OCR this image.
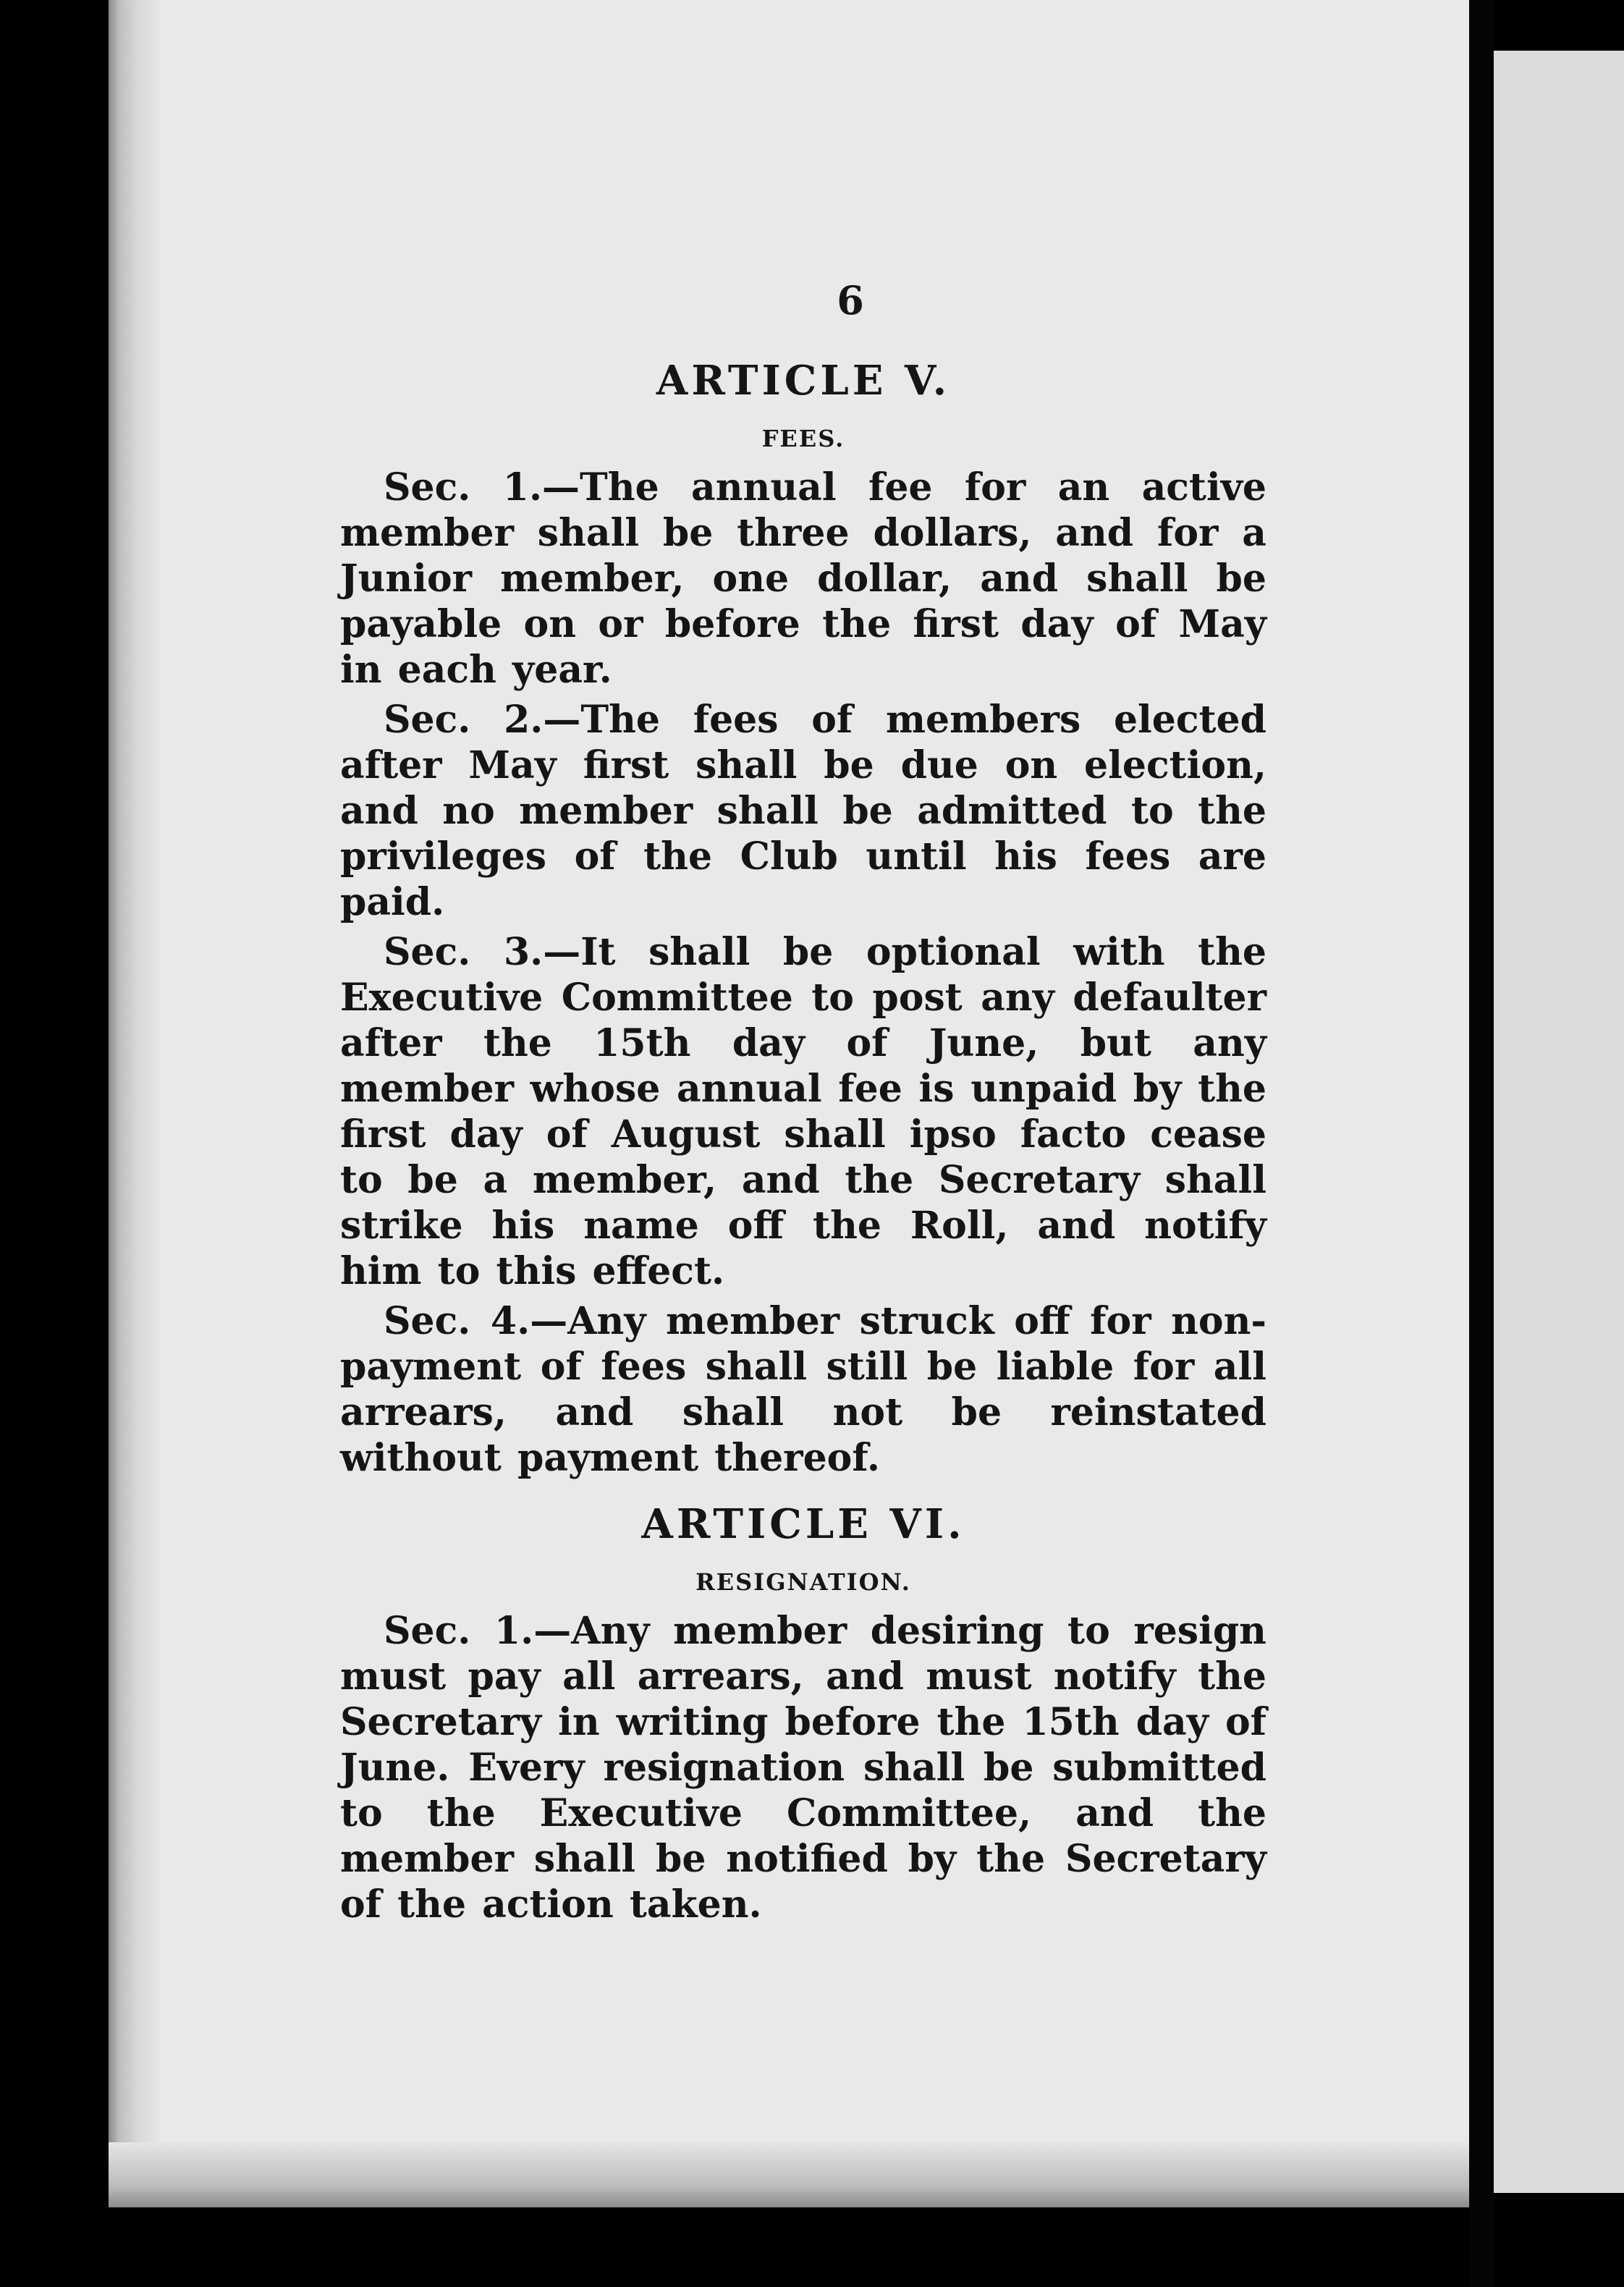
6
ARTICLE V.
FEES.

Sec. 1.—The annual fee for an active member shall be three dollars, and for a Junior member, one dollar, and shall be payable on or before the first day of May in each year.

Sec. 2.—The fees of members elected after May first shall be due on election, and no member shall be admitted to the privileges of the Club until his fees are paid.

Sec. 3.—It shall be optional with the Executive Committee to post any defaulter after the 15th day of June, but any member whose annual fee is unpaid by the first day of August shall ipso facto cease to be a member, and the Secretary shall strike his name off the Roll, and notify him to this effect.

Sec. 4.—Any member struck off for non-payment of fees shall still be liable for all arrears, and shall not be reinstated without payment thereof.

ARTICLE VI.
RESIGNATION.

Sec. 1.—Any member desiring to resign must pay all arrears, and must notify the Secretary in writing before the 15th day of June. Every resignation shall be submitted to the Executive Committee, and the member shall be notified by the Secretary of the action taken.
